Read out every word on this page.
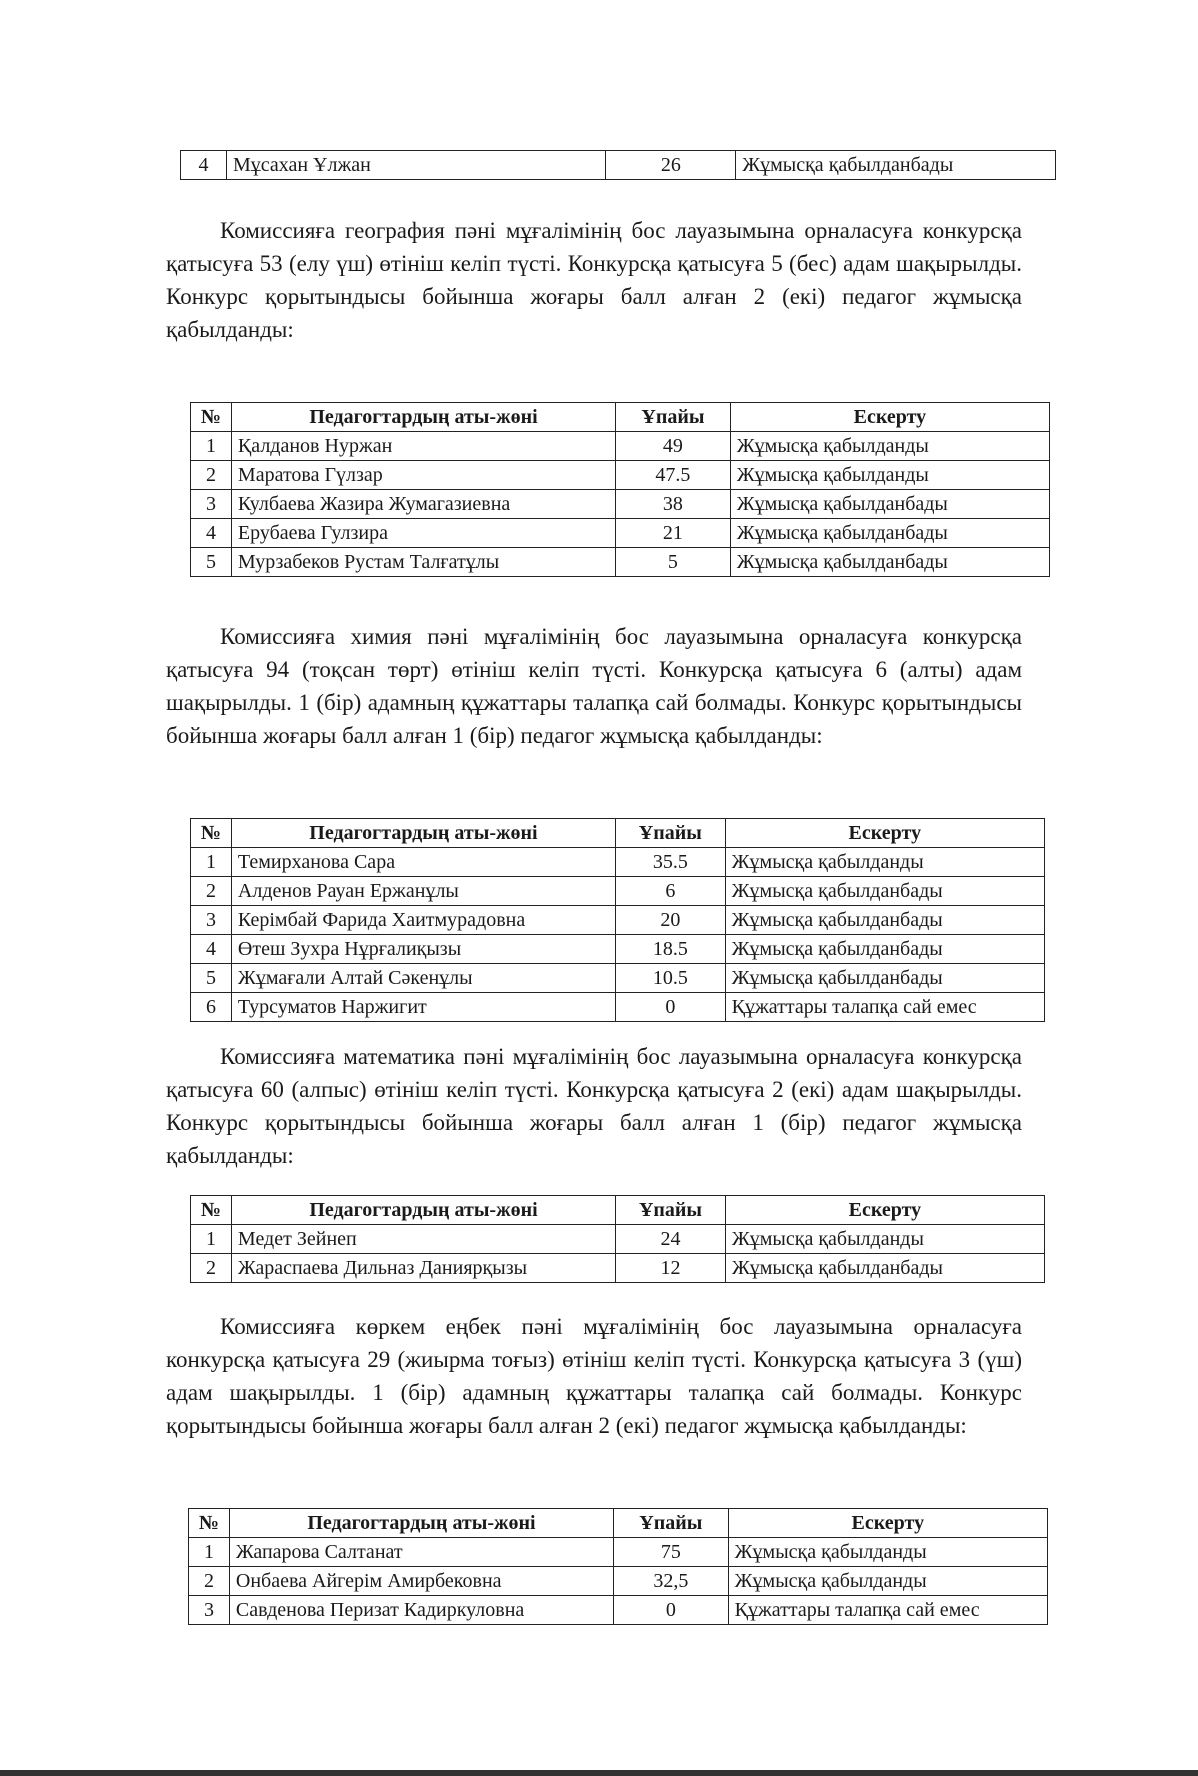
4	Мұсахан Ұлжан	26	Жұмысқа қабылданбады

Комиссияға география пәні мұғалімінің бос лауазымына орналасуға конкурсқа қатысуға 53 (елу үш) өтініш келіп түсті. Конкурсқа қатысуға 5 (бес) адам шақырылды. Конкурс қорытындысы бойынша жоғары балл алған 2 (екі) педагог жұмысқа қабылданды:

№	Педагогтардың аты-жөні	Ұпайы	Ескерту
1	Қалданов Нуржан	49	Жұмысқа қабылданды
2	Маратова Гүлзар	47.5	Жұмысқа қабылданды
3	Кулбаева Жазира Жумагазиевна	38	Жұмысқа қабылданбады
4	Ерубаева Гулзира	21	Жұмысқа қабылданбады
5	Мурзабеков Рустам Талғатұлы	5	Жұмысқа қабылданбады

Комиссияға химия пәні мұғалімінің бос лауазымына орналасуға конкурсқа қатысуға 94 (тоқсан төрт) өтініш келіп түсті. Конкурсқа қатысуға 6 (алты) адам шақырылды. 1 (бір) адамның құжаттары талапқа сай болмады. Конкурс қорытындысы бойынша жоғары балл алған 1 (бір) педагог жұмысқа қабылданды:

№	Педагогтардың аты-жөні	Ұпайы	Ескерту
1	Темирханова Сара	35.5	Жұмысқа қабылданды
2	Алденов Рауан Ержанұлы	6	Жұмысқа қабылданбады
3	Керімбай Фарида Хаитмурадовна	20	Жұмысқа қабылданбады
4	Өтеш Зухра Нұрғалиқызы	18.5	Жұмысқа қабылданбады
5	Жұмағали Алтай Сәкенұлы	10.5	Жұмысқа қабылданбады
6	Турсуматов Наржигит	0	Құжаттары талапқа сай емес

Комиссияға математика пәні мұғалімінің бос лауазымына орналасуға конкурсқа қатысуға 60 (алпыс) өтініш келіп түсті. Конкурсқа қатысуға 2 (екі) адам шақырылды. Конкурс қорытындысы бойынша жоғары балл алған 1 (бір) педагог жұмысқа қабылданды:

№	Педагогтардың аты-жөні	Ұпайы	Ескерту
1	Медет Зейнеп	24	Жұмысқа қабылданды
2	Жараспаева Дильназ Даниярқызы	12	Жұмысқа қабылданбады

Комиссияға көркем еңбек пәні мұғалімінің бос лауазымына орналасуға конкурсқа қатысуға 29 (жиырма тоғыз) өтініш келіп түсті. Конкурсқа қатысуға 3 (үш) адам шақырылды. 1 (бір) адамның құжаттары талапқа сай болмады. Конкурс қорытындысы бойынша жоғары балл алған 2 (екі) педагог жұмысқа қабылданды:

№	Педагогтардың аты-жөні	Ұпайы	Ескерту
1	Жапарова Салтанат	75	Жұмысқа қабылданды
2	Онбаева Айгерім Амирбековна	32,5	Жұмысқа қабылданды
3	Савденова Перизат Кадиркуловна	0	Құжаттары талапқа сай емес
